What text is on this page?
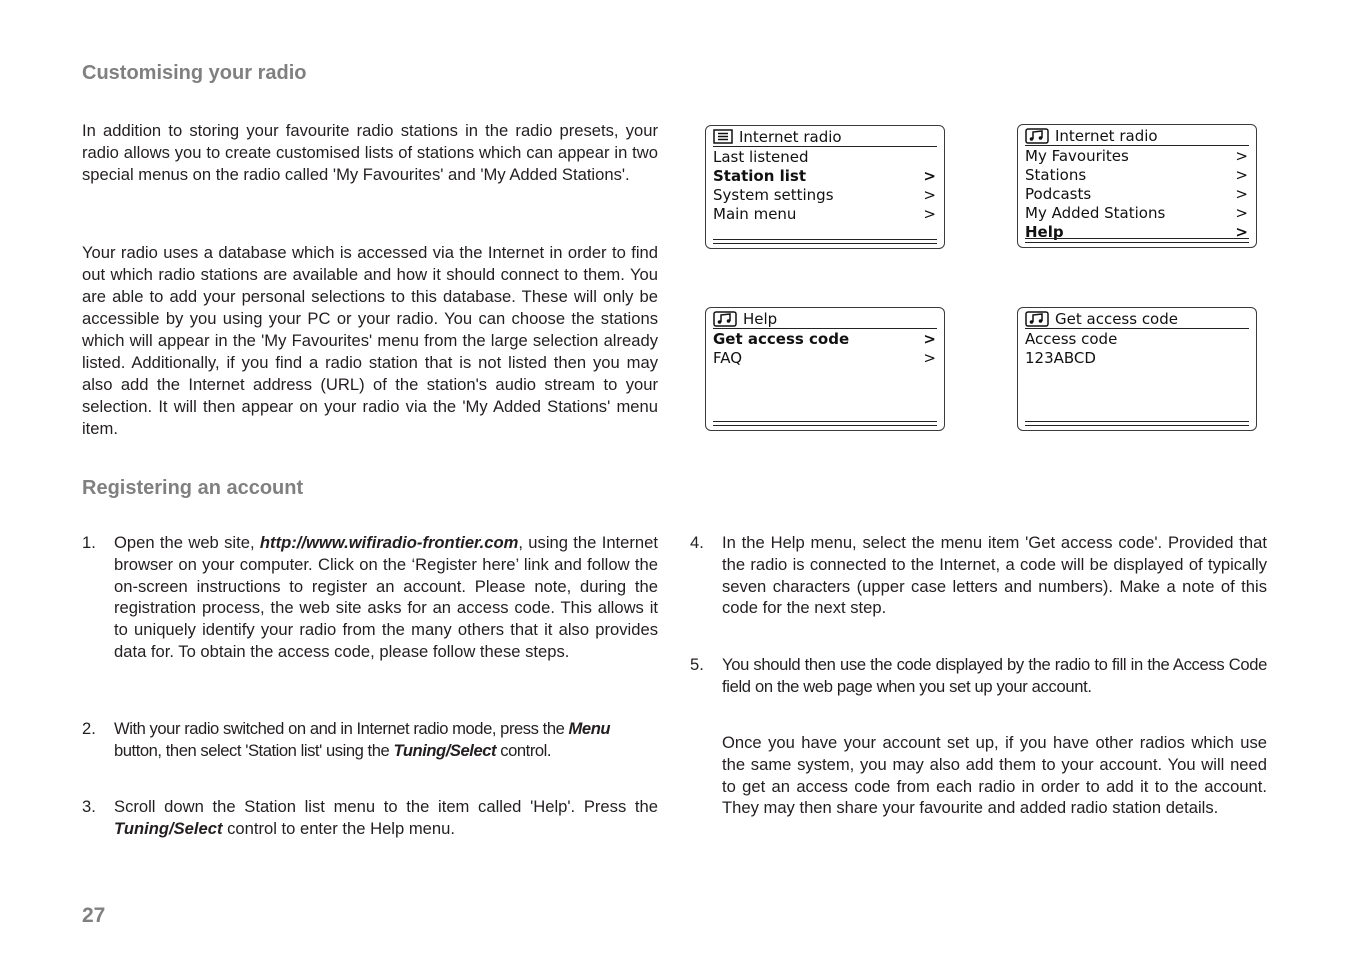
Customising your radio

In addition to storing your favourite radio stations in the radio presets, your radio allows you to create customised lists of stations which can appear in two special menus on the radio called 'My Favourites' and 'My Added Stations'.

Your radio uses a database which is accessed via the Internet in order to find out which radio stations are available and how it should connect to them. You are able to add your personal selections to this database. These will only be accessible by you using your PC or your radio. You can choose the stations which will appear in the 'My Favourites' menu from the large selection already listed. Additionally, if you find a radio station that is not listed then you may also add the Internet address (URL) of the station's audio stream to your selection. It will then appear on your radio via the 'My Added Stations' menu item.

Registering an account
1. Open the web site, http://www.wifiradio-frontier.com, using the Internet browser on your computer. Click on the ‘Register here’ link and follow the on-screen instructions to register an account. Please note, during the registration process, the web site asks for an access code. This allows it to uniquely identify your radio from the many others that it also provides data for. To obtain the access code, please follow these steps.
2. With your radio switched on and in Internet radio mode, press the Menu button, then select 'Station list' using the Tuning/Select control.
3. Scroll down the Station list menu to the item called 'Help'. Press the Tuning/Select control to enter the Help menu.
4. In the Help menu, select the menu item 'Get access code'. Provided that the radio is connected to the Internet, a code will be displayed of typically seven characters (upper case letters and numbers). Make a note of this code for the next step.
5. You should then use the code displayed by the radio to fill in the Access Code field on the web page when you set up your account.

Once you have your account set up, if you have other radios which use the same system, you may also add them to your account. You will need to get an access code from each radio in order to add it to the account. They may then share your favourite and added radio station details.

Internet radio
Last listened
Station list	>
System settings	>
Main menu	>
Internet radio
My Favourites	>
Stations	>
Podcasts	>
My Added Stations	>
Help	>
Help
Get access code	>
FAQ	>
Get access code
Access code
123ABCD

27
